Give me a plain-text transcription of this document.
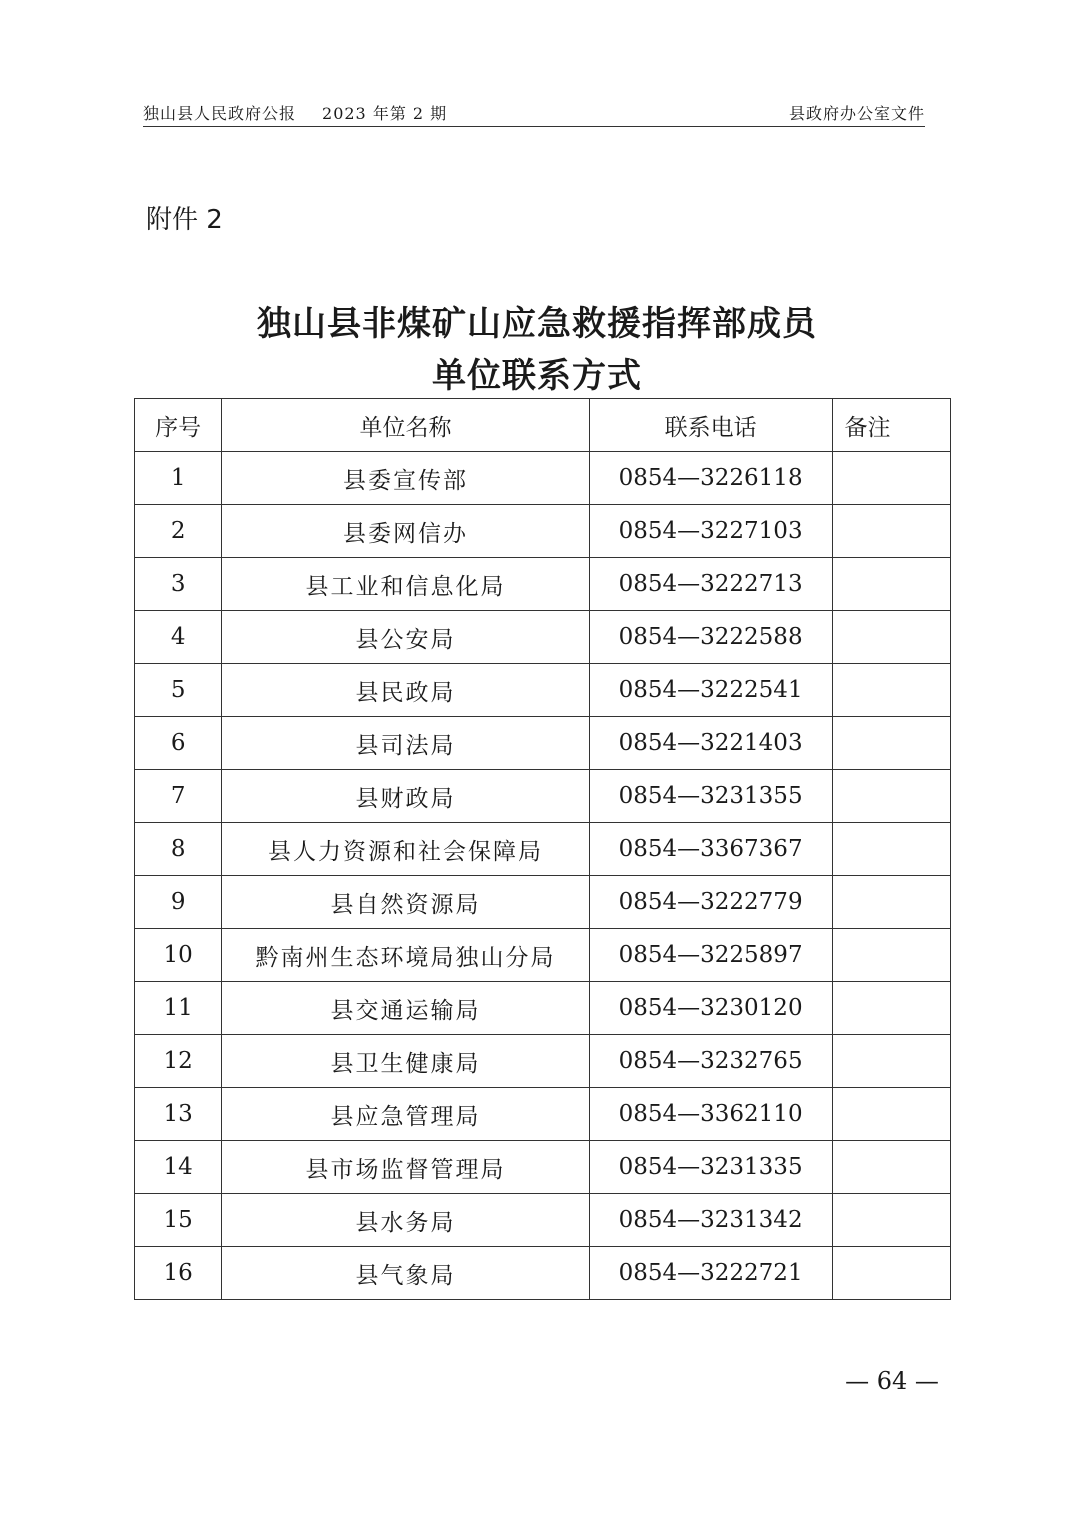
独山县人民政府公报 2023 年第 2 期	县政府办公室文件
附件 2
独山县非煤矿山应急救援指挥部成员
单位联系方式
序号	单位名称	联系电话	备注
1	县委宣传部	0854—3226118	
2	县委网信办	0854—3227103	
3	县工业和信息化局	0854—3222713	
4	县公安局	0854—3222588	
5	县民政局	0854—3222541	
6	县司法局	0854—3221403	
7	县财政局	0854—3231355	
8	县人力资源和社会保障局	0854—3367367	
9	县自然资源局	0854—3222779	
10	黔南州生态环境局独山分局	0854—3225897	
11	县交通运输局	0854—3230120	
12	县卫生健康局	0854—3232765	
13	县应急管理局	0854—3362110	
14	县市场监督管理局	0854—3231335	
15	县水务局	0854—3231342	
16	县气象局	0854—3222721	
— 64 —
